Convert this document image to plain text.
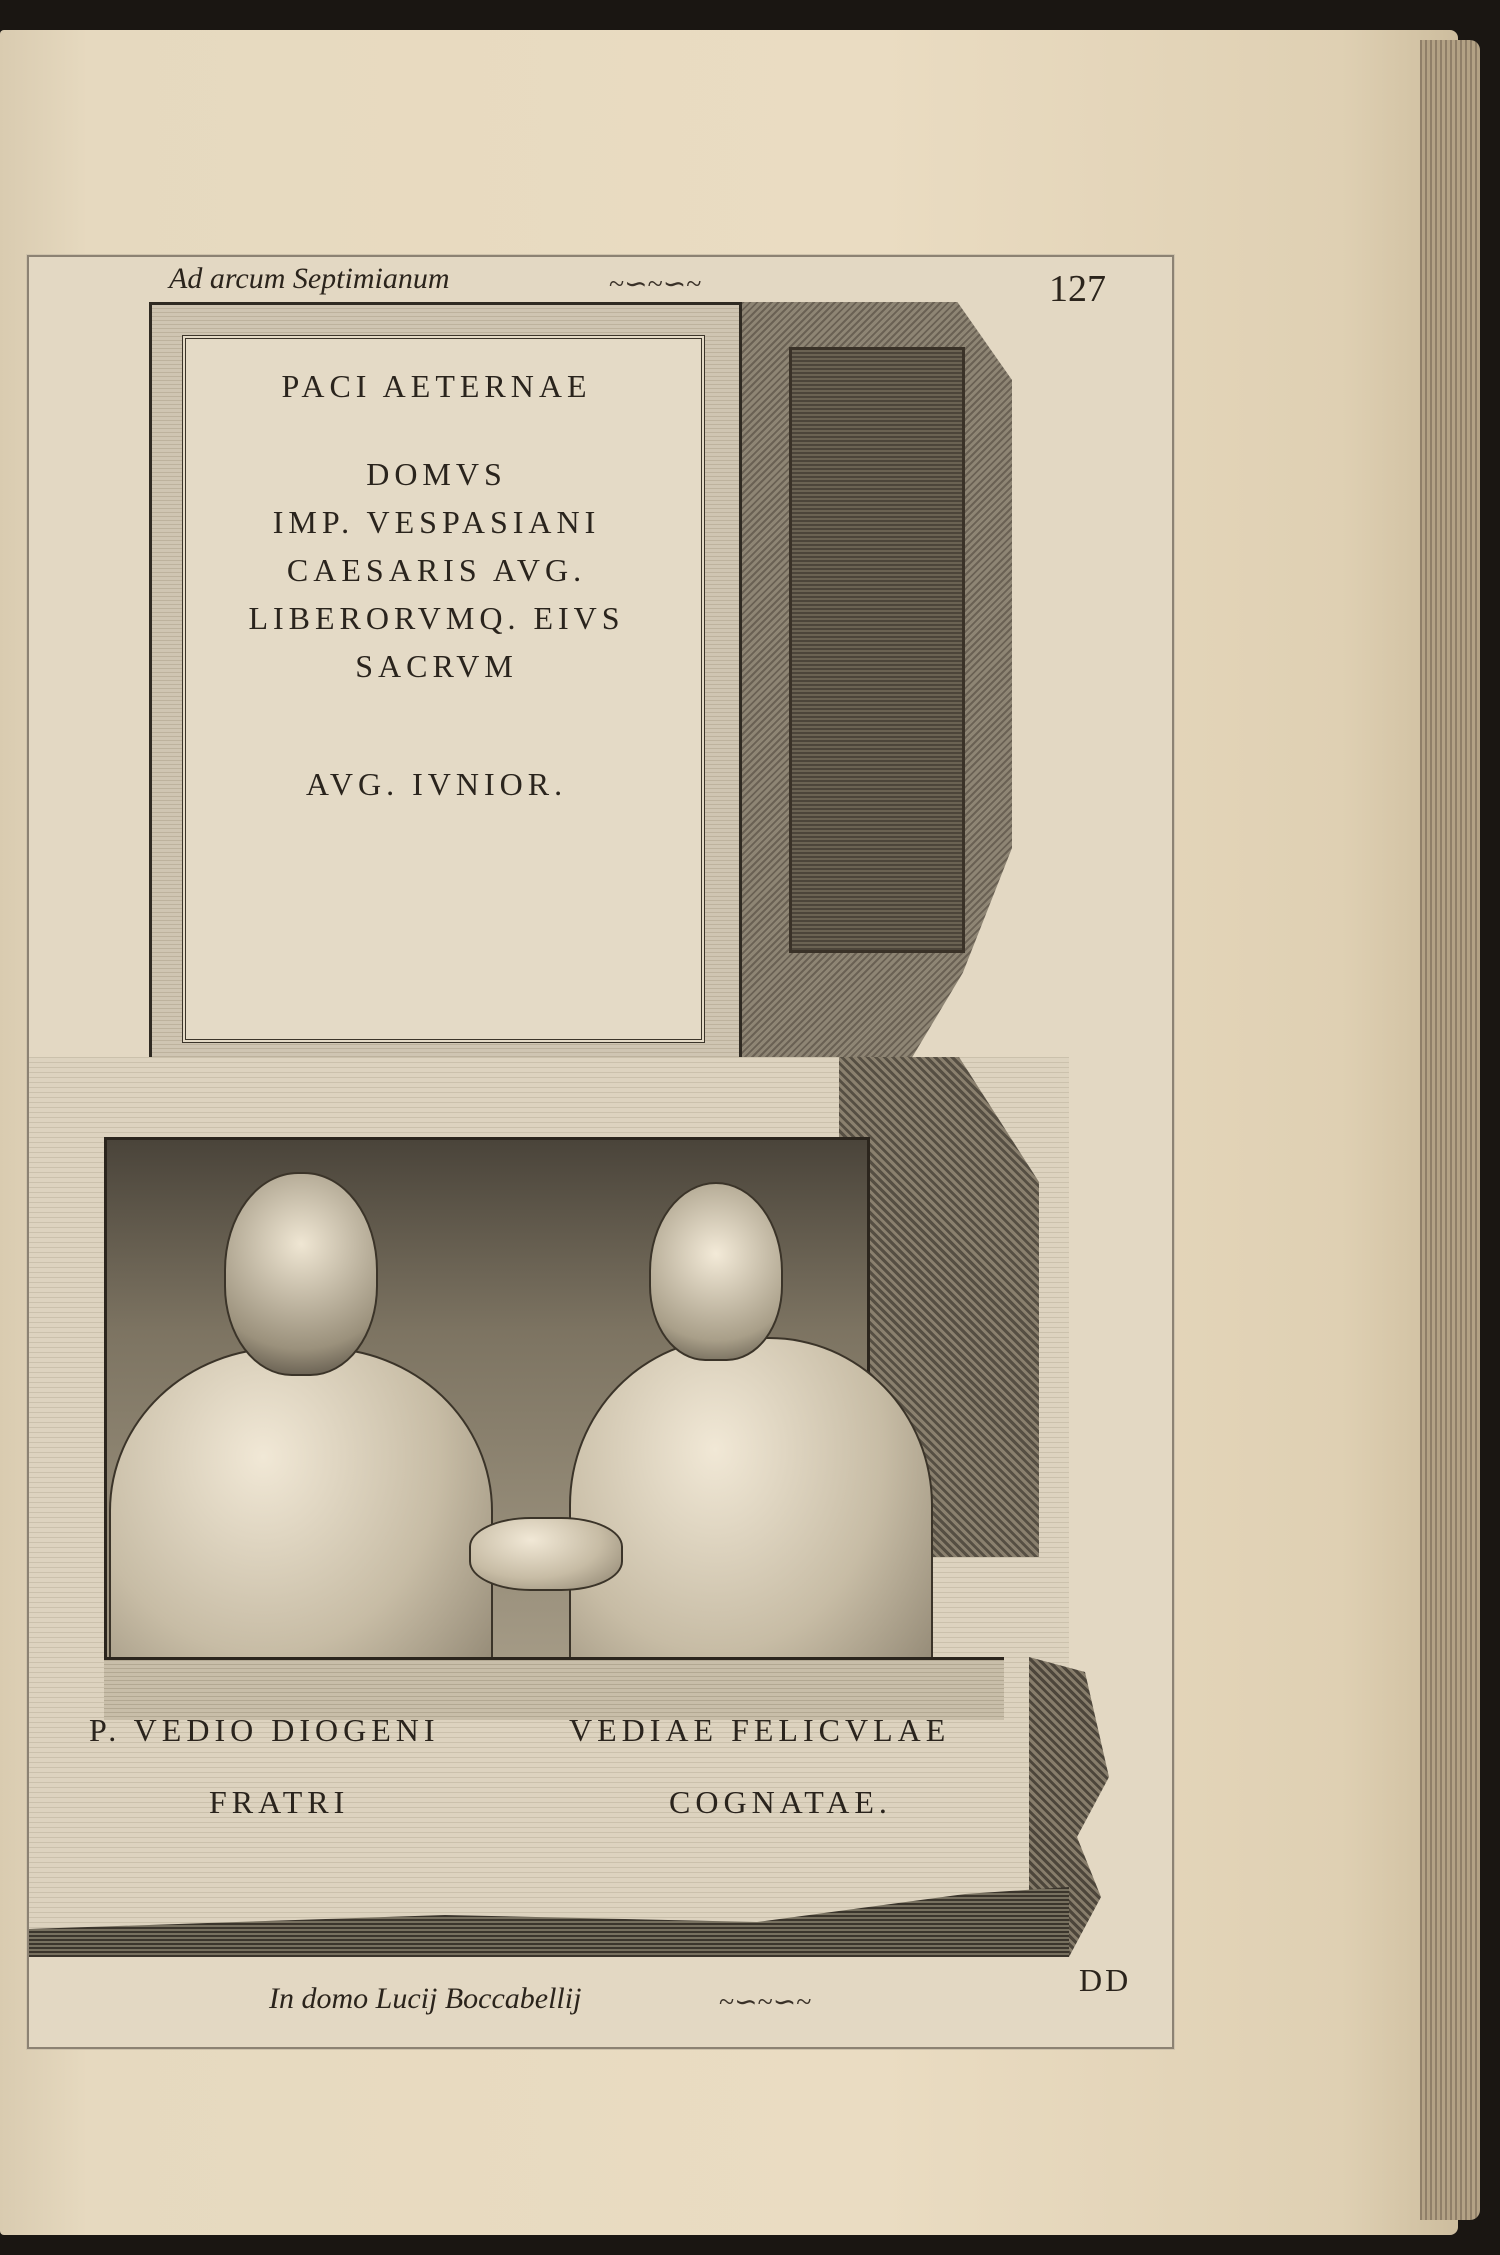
Ad arcum Septimianum	~∽~∽~	127
PACI AETERNAE
DOMVS
IMP. VESPASIANI
CAESARIS AVG.
LIBERORVMQ. EIVS
SACRVM
AVG. IVNIOR.
P. VEDIO DIOGENI	VEDIAE FELICVLAE
FRATRI	COGNATAE.
In domo Lucij Boccabellij	~∽~∽~
DD
